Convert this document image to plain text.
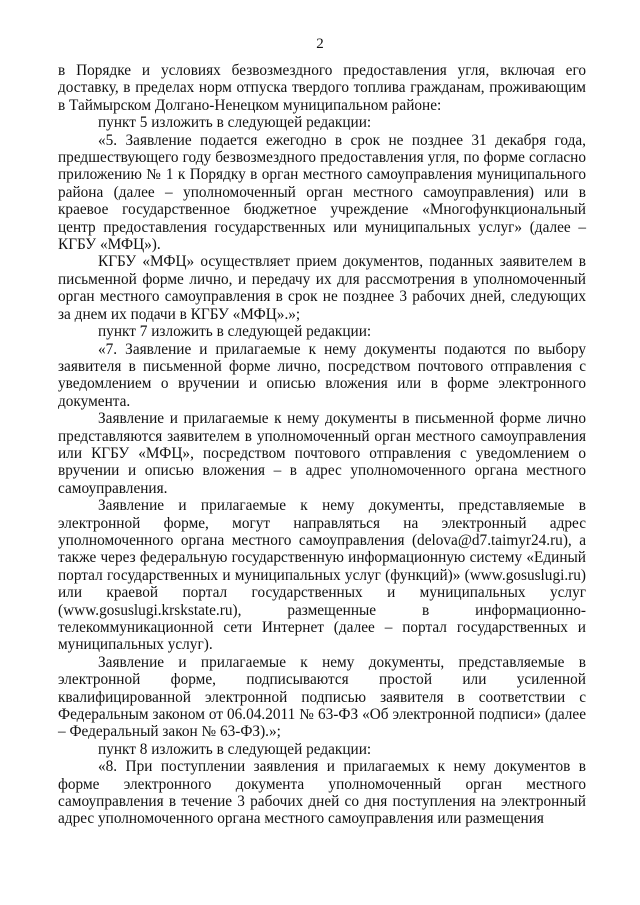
2

в Порядке и условиях безвозмездного предоставления угля, включая его доставку, в пределах норм отпуска твердого топлива гражданам, проживающим в Таймырском Долгано-Ненецком муниципальном районе:

пункт 5 изложить в следующей редакции:

«5. Заявление подается ежегодно в срок не позднее 31 декабря года, предшествующего году безвозмездного предоставления угля, по форме согласно приложению № 1 к Порядку в орган местного самоуправления муниципального района (далее – уполномоченный орган местного самоуправления) или в краевое государственное бюджетное учреждение «Многофункциональный центр предоставления государственных или муниципальных услуг» (далее – КГБУ «МФЦ»).

КГБУ «МФЦ» осуществляет прием документов, поданных заявителем в письменной форме лично, и передачу их для рассмотрения в уполномоченный орган местного самоуправления в срок не позднее 3 рабочих дней, следующих за днем их подачи в КГБУ «МФЦ».»;

пункт 7 изложить в следующей редакции:

«7. Заявление и прилагаемые к нему документы подаются по выбору заявителя в письменной форме лично, посредством почтового отправления с уведомлением о вручении и описью вложения или в форме электронного документа.

Заявление и прилагаемые к нему документы в письменной форме лично представляются заявителем в уполномоченный орган местного самоуправления или КГБУ «МФЦ», посредством почтового отправления с уведомлением о вручении и описью вложения – в адрес уполномоченного органа местного самоуправления.

Заявление и прилагаемые к нему документы, представляемые в электронной форме, могут направляться на электронный адрес уполномоченного органа местного самоуправления (delova@d7.taimyr24.ru), а также через федеральную государственную информационную систему «Единый портал государственных и муниципальных услуг (функций)» (www.gosuslugi.ru) или краевой портал государственных и муниципальных услуг (www.gosuslugi.krskstate.ru), размещенные в информационно-телекоммуникационной сети Интернет (далее – портал государственных и муниципальных услуг).

Заявление и прилагаемые к нему документы, представляемые в электронной форме, подписываются простой или усиленной квалифицированной электронной подписью заявителя в соответствии с Федеральным законом от 06.04.2011 № 63-ФЗ «Об электронной подписи» (далее – Федеральный закон № 63-ФЗ).»;

пункт 8 изложить в следующей редакции:

«8. При поступлении заявления и прилагаемых к нему документов в форме электронного документа уполномоченный орган местного самоуправления в течение 3 рабочих дней со дня поступления на электронный адрес уполномоченного органа местного самоуправления или размещения
